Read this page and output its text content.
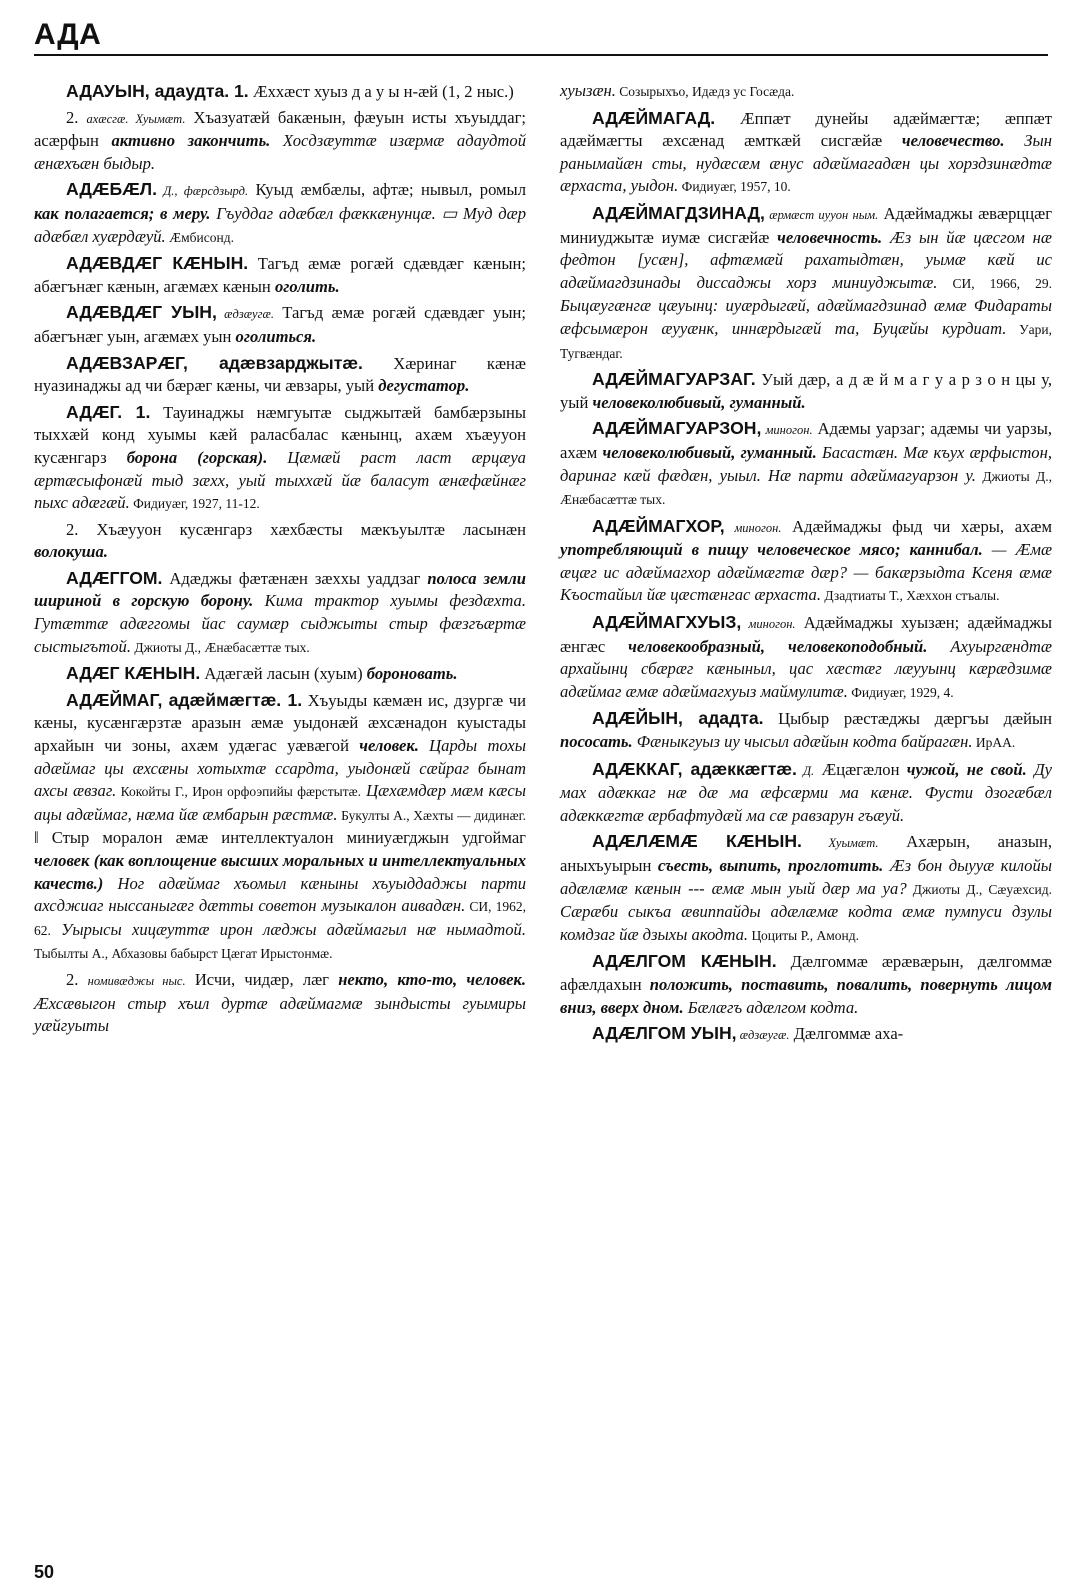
АДА

АДАУЫН, адаудта. 1. Æххæст хуыз д а у ы н-æй (1, 2 ныс.)

2. ахæсгæ. Хуымæт. Хъазуатæй бакæнын, фæуын исты хъуыддаг; асæрфын активно закончить. Хосдзæуттæ изæрмæ адаудтой æнæхъæн быдыр.

АДÆБÆЛ. Д., фæрсдзырд. Куыд æмбæлы, афтæ; нывыл, ромыл как полагается; в меру. Гъуддаг адæбæл фæккæнунцæ. ▭ Муд дæр адæбæл хуæрдæуй. Æмбисонд.

АДÆВДÆГ КÆНЫН. Тагъд æмæ рогæй сдæвдæг кæнын; абæгънæг кæнын, агæмæх кæнын оголить.

АДÆВДÆГ УЫН, æдзæугæ. Тагъд æмæ рогæй сдæвдæг уын; абæгънæг уын, агæмæх уын оголиться.

АДÆВЗАРÆГ, адæвзарджытæ. Хæринаг кæнæ нуазинаджы ад чи бæрæг кæны, чи æвзары, уый дегустатор.

АДÆГ. 1. Тауинаджы нæмгуытæ сыджытæй бамбæрзыны тыххæй конд хуымы кæй раласбалас кæнынц, ахæм хъæууон кусæнгарз борона (горская). Цæмæй раст ласт æрцæуа æртæсыфонæй тыд зæхх, уый тыххæй йæ баласут æнæфæйнæг пыхс адæгæй. Фидиуæг, 1927, 11-12.

2. Хъæууон кусæнгарз хæхбæсты мæкъуылтæ ласынæн волокуша.

АДÆГГОМ. Адæджы фæтæнæн зæххы уаддзаг полоса земли шириной в горскую борону. Кима трактор хуымы фездæхта. Гутæттæ адæггомы йас саумæр сыджыты стыр фæзгъæртæ сыстыгътой. Джиоты Д., Æнæбасæттæ тых.

АДÆГ КÆНЫН. Адæгæй ласын (хуым) бороновать.

АДÆЙМАГ, адæймæгтæ. 1. Хъуыды кæмæн ис, дзургæ чи кæны, кусæнгæрзтæ аразын æмæ уыдонæй æхсæнадон куыстады архайын чи зоны, ахæм удæгас уæвæгой человек. Царды тохы адæймаг цы æхсæны хотыхтæ ссардта, уыдонæй сæйраг бынат ахсы æвзаг. Кокойты Г., Ирон орфоэпийы фæрстытæ. Цæхæмдæр мæм кæсы ацы адæймаг, нæма йæ æмбарын рæстмæ. Букулты А., Хæхты — дидинæг. ‖ Стыр моралон æмæ интеллектуалон миниуæгджын удгоймаг человек (как воплощение высших моральных и интеллектуальных качеств.) Ног адæймаг хъомыл кæныны хъуыддаджы парти ахсджиаг ныссаныгæг дæтты советон музыкалон аивадæн. СИ, 1962, 62. Уырысы хицæуттæ ирон лæджы адæймагыл нæ нымадтой. Тыбылты А., Абхазовы бабырст Цæгат Ирыстонмæ.

2. номивæджы ныс. Исчи, чидæр, лæг некто, кто-то, человек. Æхсæвыгон стыр хъил дуртæ адæймагмæ зындысты гуымиры уæйгуыты

хуызæн. Созырыхъо, Идæдз ус Госæда.

АДÆЙМАГАД. Æппæт дунейы адæймæгтæ; æппæт адæймæгты æхсæнад æмткæй сисгæйæ человечество. Зын ранымайæн сты, нудæсæм æнус адæймагадæн цы хорздзинæдтæ æрхаста, уыдон. Фидиуæг, 1957, 10.

АДÆЙМАГДЗИНАД, æрмæст иууон ным. Адæймаджы æвæрццæг миниуджытæ иумæ сисгæйæ человечность. Æз ын йæ цæсгом нæ федтон [усæн], афтæмæй рахатыдтæн, уымæ кæй ис адæймагдзинады диссаджы хорз миниуджытæ. СИ, 1966, 29. Быцæугæнгæ цæуынц: иуæрдыгæй, адæймагдзинад æмæ Фидараты æфсымæрон æууæнк, иннæрдыгæй та, Буцæйы курдиат. Уари, Тугвæндаг.

АДÆЙМАГУАРЗАГ. Уый дæр, а д æ й м а г у а р з о н цы у, уый человеколюбивый, гуманный.

АДÆЙМАГУАРЗОН, миногон. Адæмы уарзаг; адæмы чи уарзы, ахæм человеколюбивый, гуманный. Басастæн. Мæ къух æрфыстон, даринаг кæй фæдæн, уыыл. Нæ парти адæймагуарзон у. Джиоты Д., Æнæбасæттæ тых.

АДÆЙМАГХОР, миногон. Адæймаджы фыд чи хæры, ахæм употребляющий в пищу человеческое мясо; каннибал. — Æмæ æцæг ис адæймагхор адæймæгтæ дæр? — бакæрзыдта Ксеня æмæ Къостайыл йæ цæстæнгас æрхаста. Дзадтиаты Т., Хæххон стъалы.

АДÆЙМАГХУЫЗ, миногон. Адæймаджы хуызæн; адæймаджы æнгæс человекообразный, человекоподобный. Ахуыргæндтæ архайынц сбæрæг кæныныл, цас хæстæг лæууынц кæрæдзимæ адæймаг æмæ адæймагхуыз маймулитæ. Фидиуæг, 1929, 4.

АДÆЙЫН, ададта. Цыбыр рæстæджы дæргъы дæйын пососать. Фæныкгуыз иу чысыл адæйын кодта байрагæн. ИрАА.

АДÆККАГ, адæккæгтæ. Д. Æцæгæлон чужой, не свой. Ду мах адæккаг нæ дæ ма æфсæрми ма кæнæ. Фусти дзогæбæл адæккæгтæ æрбафтудæй ма сæ равзарун гъæуй.

АДÆЛÆМÆ КÆНЫН. Хуымæт. Ахæрын, аназын, аныхъуырын съесть, выпить, проглотить. Æз бон дыууæ килойы адæлæмæ кæнын --- æмæ мын уый дæр ма уа? Джиоты Д., Сæуæхсид. Сæрæби сыкъа æвиппайды адæлæмæ кодта æмæ пумпуси дзулы комдзаг йæ дзыхы акодта. Цоциты Р., Амонд.

АДÆЛГОМ КÆНЫН. Дæлгоммæ æрæвæрын, дæлгоммæ афæлдахын положить, поставить, повалить, повернуть лицом вниз, вверх дном. Бæлæгъ адæлгом кодта.

АДÆЛГОМ УЫН, æдзæугæ. Дæлгоммæ аха-

50
